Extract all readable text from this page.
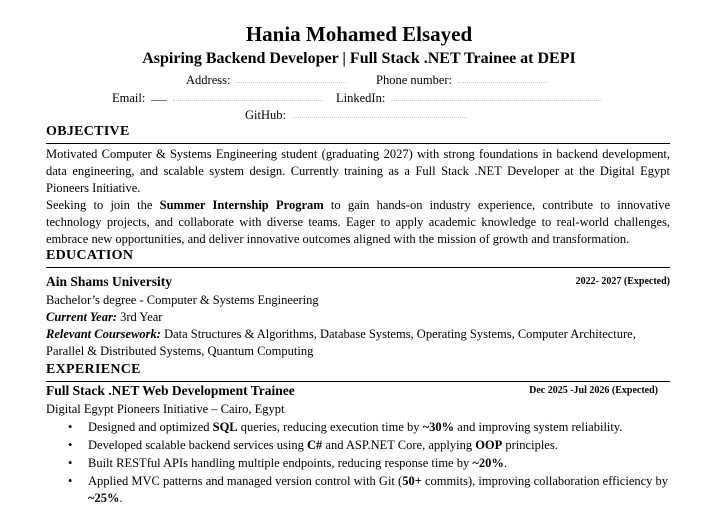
Hania Mohamed Elsayed
Aspiring Backend Developer | Full Stack .NET Trainee at DEPI
Address:	Phone number:
Email:	LinkedIn:
GitHub:
OBJECTIVE
Motivated Computer & Systems Engineering student (graduating 2027) with strong foundations in backend development, data engineering, and scalable system design. Currently training as a Full Stack .NET Developer at the Digital Egypt Pioneers Initiative.
Seeking to join the Summer Internship Program to gain hands-on industry experience, contribute to innovative technology projects, and collaborate with diverse teams. Eager to apply academic knowledge to real-world challenges, embrace new opportunities, and deliver innovative outcomes aligned with the mission of growth and transformation.
EDUCATION
Ain Shams University	2022- 2027 (Expected)
Bachelor’s degree - Computer & Systems Engineering
Current Year: 3rd Year
Relevant Coursework: Data Structures & Algorithms, Database Systems, Operating Systems, Computer Architecture, Parallel & Distributed Systems, Quantum Computing
EXPERIENCE
Full Stack .NET Web Development Trainee	Dec 2025 -Jul 2026 (Expected)
Digital Egypt Pioneers Initiative – Cairo, Egypt
• Designed and optimized SQL queries, reducing execution time by ~30% and improving system reliability.
• Developed scalable backend services using C# and ASP.NET Core, applying OOP principles.
• Built RESTful APIs handling multiple endpoints, reducing response time by ~20%.
• Applied MVC patterns and managed version control with Git (50+ commits), improving collaboration efficiency by ~25%.
